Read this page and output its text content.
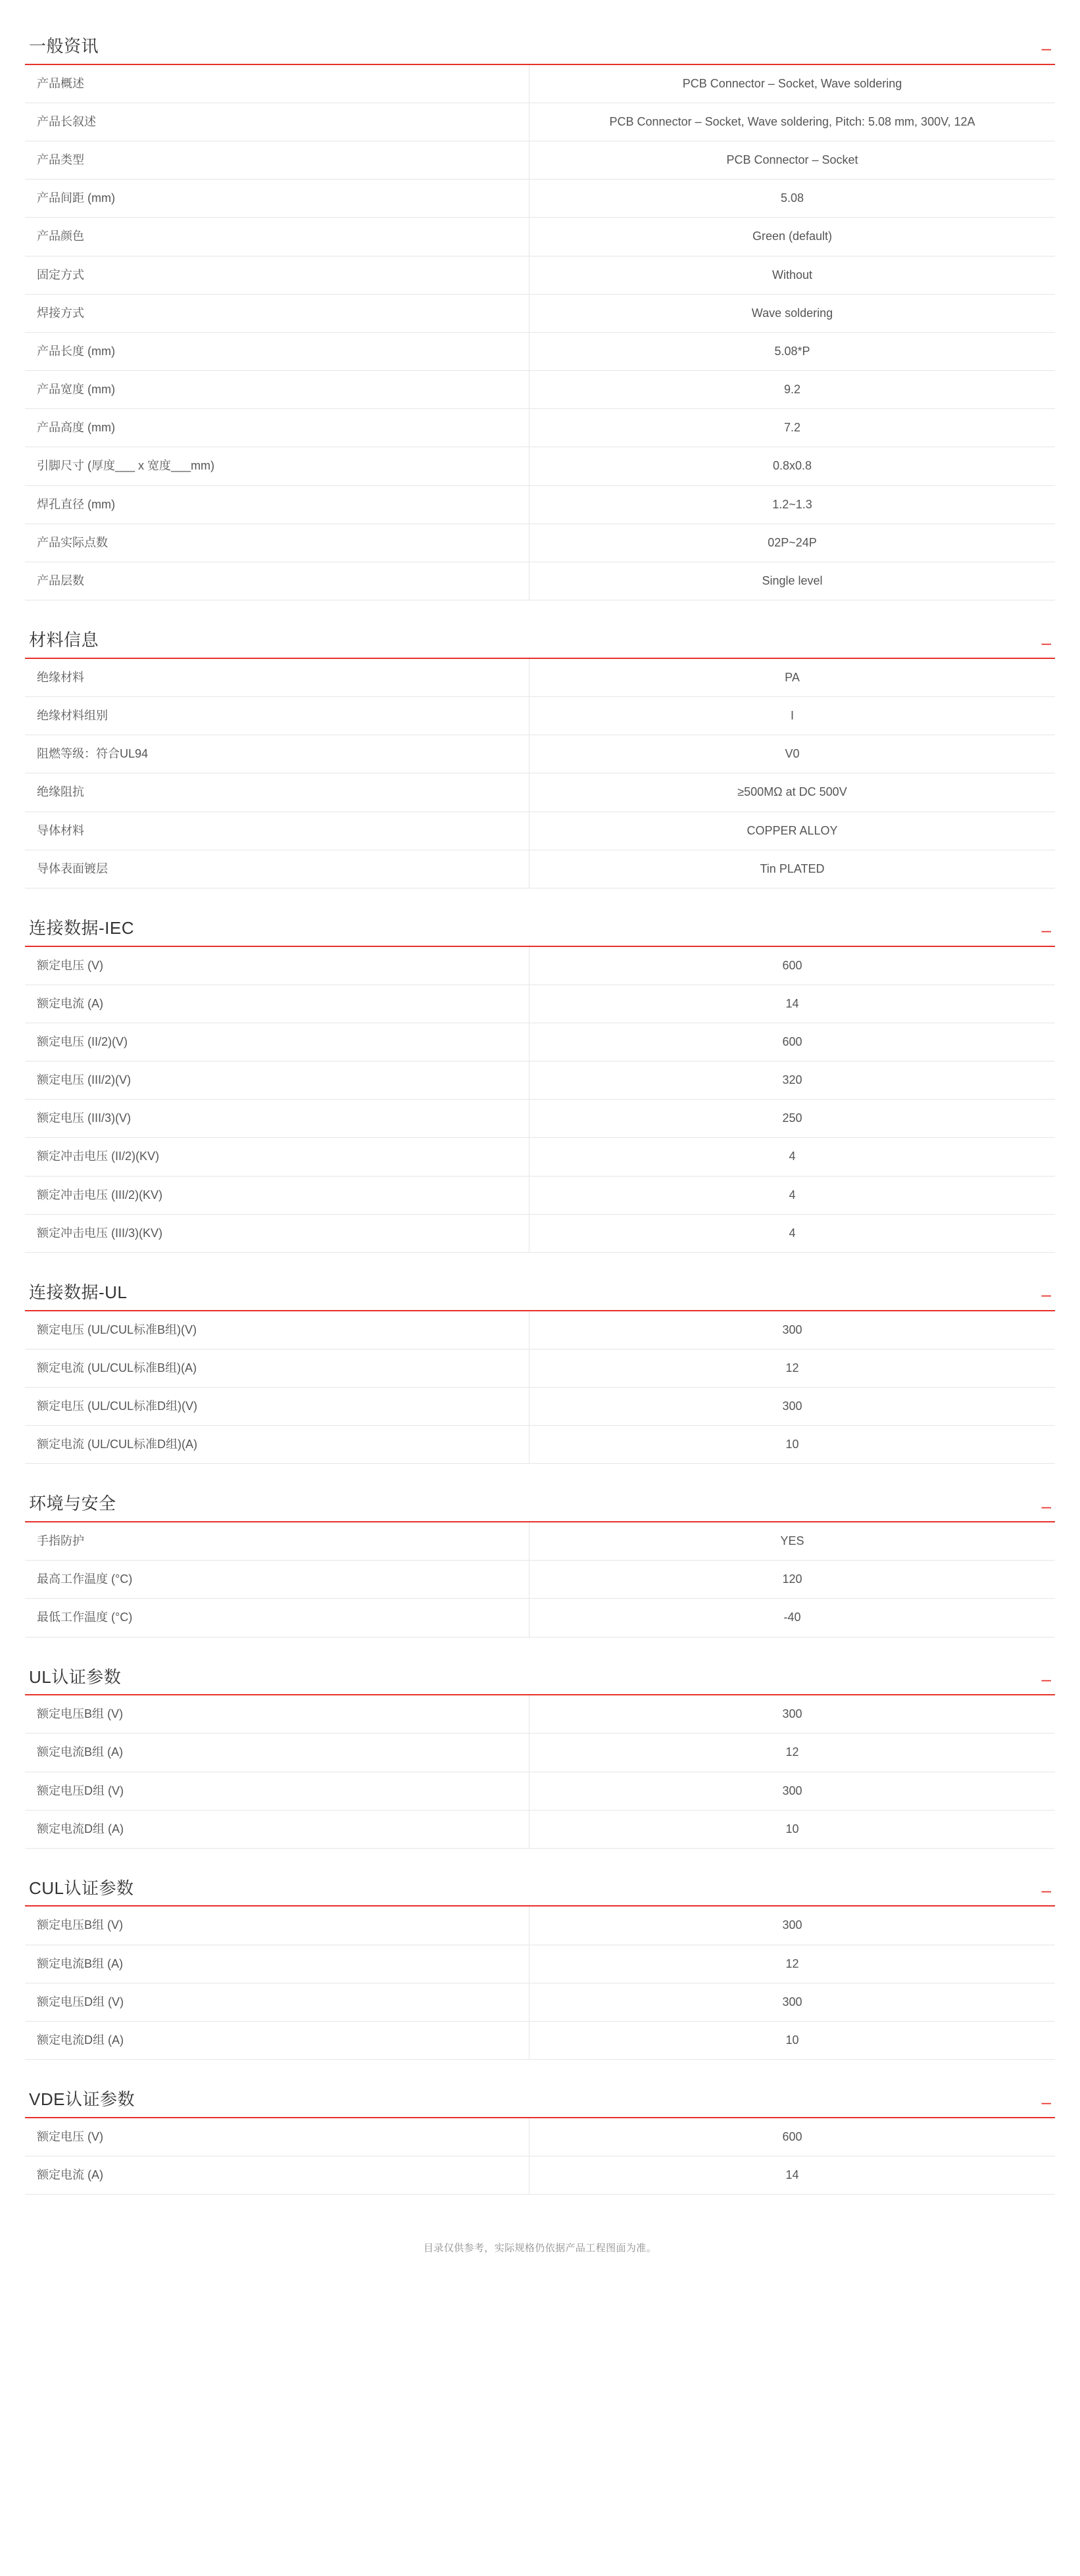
一般资讯	–
产品概述	PCB Connector – Socket, Wave soldering
产品长叙述	PCB Connector – Socket, Wave soldering, Pitch: 5.08 mm, 300V, 12A
产品类型	PCB Connector – Socket
产品间距 (mm)	5.08
产品颜色	Green (default)
固定方式	Without
焊接方式	Wave soldering
产品长度 (mm)	5.08*P
产品宽度 (mm)	9.2
产品高度 (mm)	7.2
引脚尺寸 (厚度___ x 宽度___mm)	0.8x0.8
焊孔直径 (mm)	1.2~1.3
产品实际点数	02P~24P
产品层数	Single level
材料信息	–
绝缘材料	PA
绝缘材料组别	I
阻燃等级：符合UL94	V0
绝缘阻抗	≥500MΩ at DC 500V
导体材料	COPPER ALLOY
导体表面镀层	Tin PLATED
连接数据-IEC	–
额定电压 (V)	600
额定电流 (A)	14
额定电压 (II/2)(V)	600
额定电压 (III/2)(V)	320
额定电压 (III/3)(V)	250
额定冲击电压 (II/2)(KV)	4
额定冲击电压 (III/2)(KV)	4
额定冲击电压 (III/3)(KV)	4
连接数据-UL	–
额定电压 (UL/CUL标准B组)(V)	300
额定电流 (UL/CUL标准B组)(A)	12
额定电压 (UL/CUL标准D组)(V)	300
额定电流 (UL/CUL标准D组)(A)	10
环境与安全	–
手指防护	YES
最高工作温度 (°C)	120
最低工作温度 (°C)	-40
UL认证参数	–
额定电压B组 (V)	300
额定电流B组 (A)	12
额定电压D组 (V)	300
额定电流D组 (A)	10
CUL认证参数	–
额定电压B组 (V)	300
额定电流B组 (A)	12
额定电压D组 (V)	300
额定电流D组 (A)	10
VDE认证参数	–
额定电压 (V)	600
额定电流 (A)	14
目录仅供参考，实际规格仍依据产品工程图面为准。
